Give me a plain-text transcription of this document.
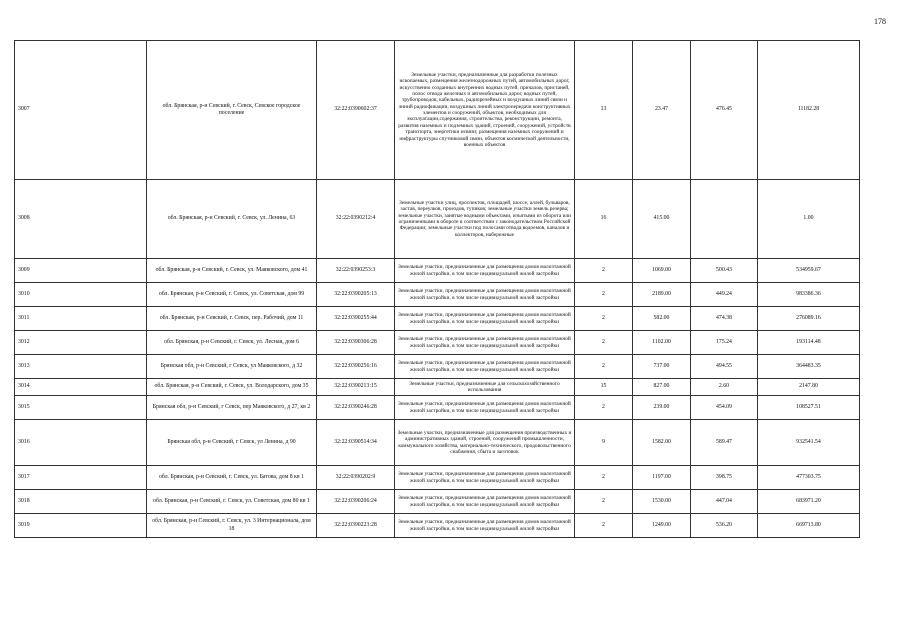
178
3007	обл. Брянская, р-н Севский, г. Севск, Севское городское поселение	32:22:0390602:37	Земельные участки, предназначенные для разработки полезных ископаемых, размещения железнодорожных путей, автомобильных дорог, искусственно созданных внутренних водных путей, причалов, пристаней, полос отвода железных и автомобильных дорог, водных путей, трубопроводов, кабельных, радиорелейных и воздушных линий связи и линий радиофикации, воздушных линий электропередачи конструктивных элементов и сооружений, объектов, необходимых для эксплуатации,содержания, строительства, реконструкции, ремонта, развития наземных и подземных зданий, строений, сооружений, устройств транспорта, энергетики исвязи; размещения наземных сооружений и инфраструктуры спутниковой связи, объектов космической деятельности, военных объектов	13	23.47	476.45	11182.28
3008	обл. Брянская, р-н Севский, г. Севск, ул. Ленина, 63	32:22:0390212:4	Земельные участки улиц, проспектов, площадей, шоссе, аллей, бульваров, застав, переулков, проездов, тупиков; земельные участки земель резерва; земельные участки, занятые водными объектами, изъятыми из оборота или ограниченными в обороте в соответствии с законодательством Российской Федерации; земельные участки под полосами отвода водоемов, каналов и коллекторов, набережные	16	415.00		1.00
3009	обл. Брянская, р-н Севский, г. Севск, ул. Маяковского, дом 41	32:22:0390253:3	Земельные участки, предназначенные для размещения домов малоэтажной жилой застройки, в том числе индивидуальной жилой застройки	2	1069.00	500.43	534959.67
3010	обл. Брянская, р-н Севский, г. Севск, ул. Советская, дом 99	32:22:0390205:13	Земельные участки, предназначенные для размещения домов малоэтажной жилой застройки, в том числе индивидуальной жилой застройки	2	2189.00	449.24	983386.36
3011	обл. Брянская, р-н Севский, г. Севск, пер. Рабочий, дом 11	32:22:0390255:44	Земельные участки, предназначенные для размещения домов малоэтажной жилой застройки, в том числе индивидуальной жилой застройки	2	582.00	474.38	276089.16
3012	обл. Брянская, р-н Севский, г. Севск, ул. Лесная, дом 6	32:22:0390306:28	Земельные участки, предназначенные для размещения домов малоэтажной жилой застройки, в том числе индивидуальной жилой застройки	2	1102.00	175.24	193114.48
3013	Брянская обл, р-н Севский, г Севск, ул Маяковского, д 32	32:22:0390256:16	Земельные участки, предназначенные для размещения домов малоэтажной жилой застройки, в том числе индивидуальной жилой застройки	2	737.00	494.55	364483.35
3014	обл. Брянская, р-н Севский, г. Севск, ул. Володарского, дом 35	32:22:0390213:15	Земельные участки, предназначенные для сельскохозяйственного использования	15	827.00	2.60	2147.80
3015	Брянская обл, р-н Севский, г Севск, пер Маяковского, д 27, кв 2	32:22:0390246:28	Земельные участки, предназначенные для размещения домов малоэтажной жилой застройки, в том числе индивидуальной жилой застройки	2	239.00	454.09	108527.51
3016	Брянская обл, р-н Севский, г Севск, ул Ленина, д 90	32:22:0390514:34	Земельные участки, предназначенные для размещения производственных и административных зданий, строений, сооружений промышленности, коммунального хозяйства, материально-технического, продовольственного снабжения, сбыта и заготовок	9	1582.00	589.47	932541.54
3017	обл. Брянская, р-н Севский, г. Севск, ул. Батова, дом 8 кв 1	32:22:0390202:9	Земельные участки, предназначенные для размещения домов малоэтажной жилой застройки, в том числе индивидуальной жилой застройки	2	1197.00	398.75	477303.75
3018	обл. Брянская, р-н Севский, г. Севск, ул. Советская, дом 80 кв 1	32:22:0390206:24	Земельные участки, предназначенные для размещения домов малоэтажной жилой застройки, в том числе индивидуальной жилой застройки	2	1530.00	447.04	683971.20
3019	обл. Брянская, р-н Севский, г. Севск, ул. 3 Интернационала, дом 18	32:22:0390223:28	Земельные участки, предназначенные для размещения домов малоэтажной жилой застройки, в том числе индивидуальной жилой застройки	2	1249.00	536.20	669713.80
